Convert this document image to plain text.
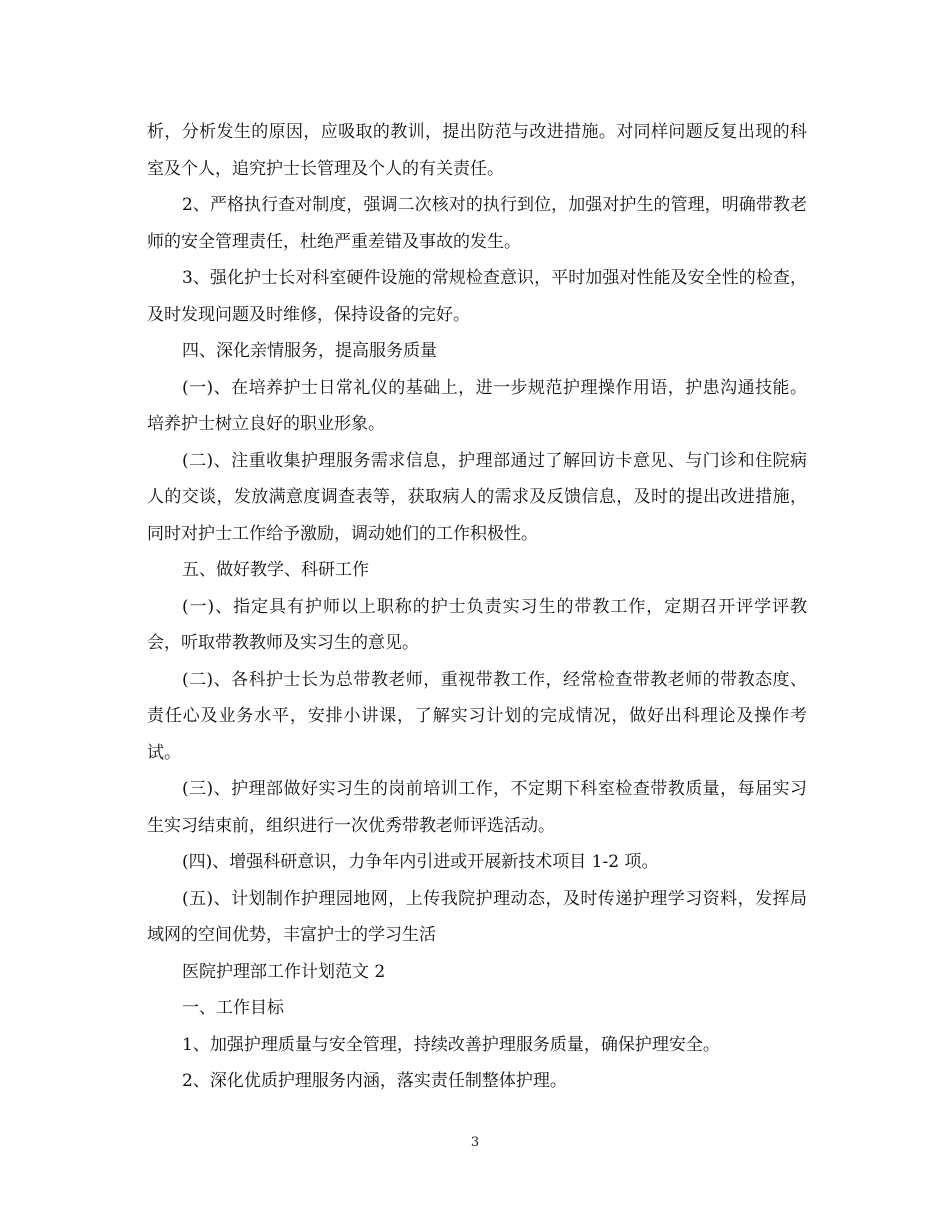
析，分析发生的原因，应吸取的教训，提出防范与改进措施。对同样问题反复出现的科室及个人，追究护士长管理及个人的有关责任。

2、严格执行查对制度，强调二次核对的执行到位，加强对护生的管理，明确带教老师的安全管理责任，杜绝严重差错及事故的发生。

3、强化护士长对科室硬件设施的常规检查意识，平时加强对性能及安全性的检查，及时发现问题及时维修，保持设备的完好。

四、深化亲情服务，提高服务质量

(一)、在培养护士日常礼仪的基础上，进一步规范护理操作用语，护患沟通技能。培养护士树立良好的职业形象。

(二)、注重收集护理服务需求信息，护理部通过了解回访卡意见、与门诊和住院病人的交谈，发放满意度调查表等，获取病人的需求及反馈信息，及时的提出改进措施，同时对护士工作给予激励，调动她们的工作积极性。

五、做好教学、科研工作

(一)、指定具有护师以上职称的护士负责实习生的带教工作，定期召开评学评教会，听取带教教师及实习生的意见。

(二)、各科护士长为总带教老师，重视带教工作，经常检查带教老师的带教态度、责任心及业务水平，安排小讲课，了解实习计划的完成情况，做好出科理论及操作考试。

(三)、护理部做好实习生的岗前培训工作，不定期下科室检查带教质量，每届实习生实习结束前，组织进行一次优秀带教老师评选活动。

(四)、增强科研意识，力争年内引进或开展新技术项目 1-2 项。

(五)、计划制作护理园地网，上传我院护理动态，及时传递护理学习资料，发挥局域网的空间优势，丰富护士的学习生活

医院护理部工作计划范文 2

一、工作目标

1、加强护理质量与安全管理，持续改善护理服务质量，确保护理安全。

2、深化优质护理服务内涵，落实责任制整体护理。

3
